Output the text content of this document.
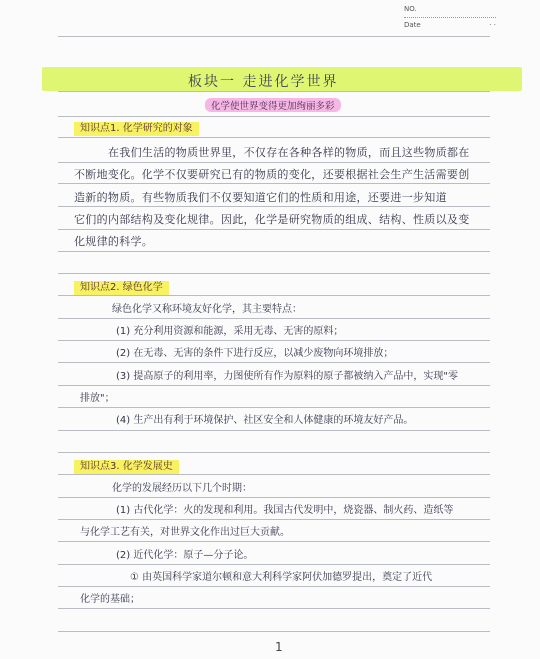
NO.
Date	· ·
板块一 走进化学世界
化学使世界变得更加绚丽多彩
知识点1. 化学研究的对象
在我们生活的物质世界里，不仅存在各种各样的物质，而且这些物质都在
不断地变化。化学不仅要研究已有的物质的变化，还要根据社会生产生活需要创
造新的物质。有些物质我们不仅要知道它们的性质和用途，还要进一步知道
它们的内部结构及变化规律。因此，化学是研究物质的组成、结构、性质以及变
化规律的科学。
知识点2. 绿色化学
绿色化学又称环境友好化学，其主要特点：
(1) 充分利用资源和能源，采用无毒、无害的原料；
(2) 在无毒、无害的条件下进行反应，以减少废物向环境排放；
(3) 提高原子的利用率，力图使所有作为原料的原子都被纳入产品中，实现"零
排放"；
(4) 生产出有利于环境保护、社区安全和人体健康的环境友好产品。
知识点3. 化学发展史
化学的发展经历以下几个时期：
(1) 古代化学：火的发现和利用。我国古代发明中，烧瓷器、制火药、造纸等
与化学工艺有关，对世界文化作出过巨大贡献。
(2) 近代化学：原子—分子论。
① 由英国科学家道尔顿和意大利科学家阿伏加德罗提出，奠定了近代
化学的基础；
1
